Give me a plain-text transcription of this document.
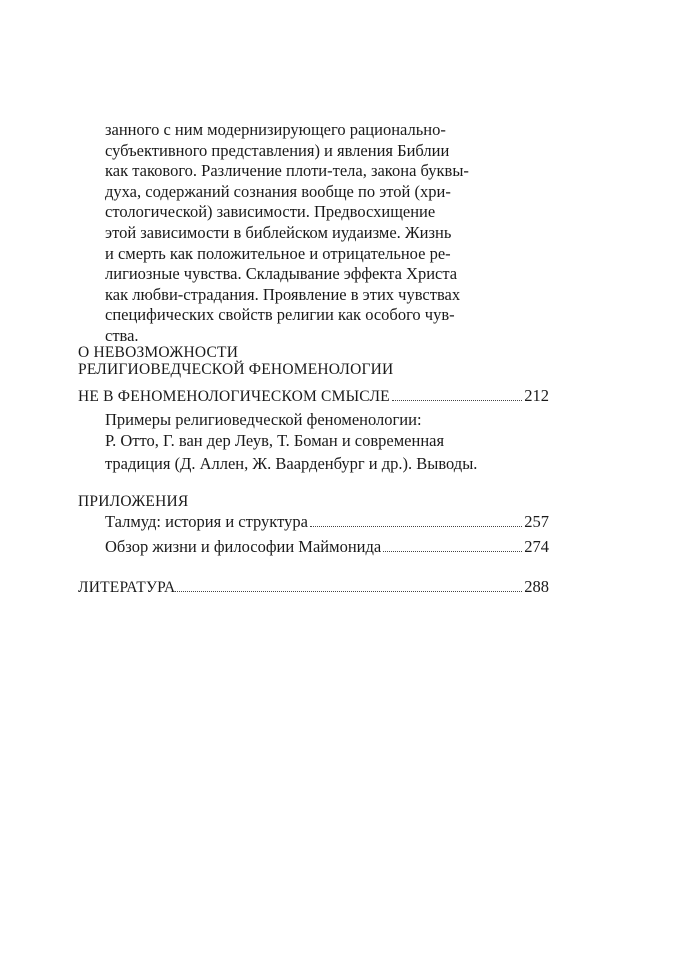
занного с ним модернизирующего рационально-
субъективного представления) и явления Библии
как такового. Различение плоти-тела, закона буквы-
духа, содержаний сознания вообще по этой (хри-
стологической) зависимости. Предвосхищение
этой зависимости в библейском иудаизме. Жизнь
и смерть как положительное и отрицательное ре-
лигиозные чувства. Складывание эффекта Христа
как любви-страдания. Проявление в этих чувствах
специфических свойств религии как особого чув-
ства.
О НЕВОЗМОЖНОСТИ
РЕЛИГИОВЕДЧЕСКОЙ ФЕНОМЕНОЛОГИИ
НЕ В ФЕНОМЕНОЛОГИЧЕСКОМ СМЫСЛЕ	212
Примеры религиоведческой феноменологии:
Р. Отто, Г. ван дер Леув, Т. Боман и современная
традиция (Д. Аллен, Ж. Ваарденбург и др.). Выводы.
ПРИЛОЖЕНИЯ
Талмуд: история и структура	257
Обзор жизни и философии Маймонида	274
ЛИТЕРАТУРА	288
